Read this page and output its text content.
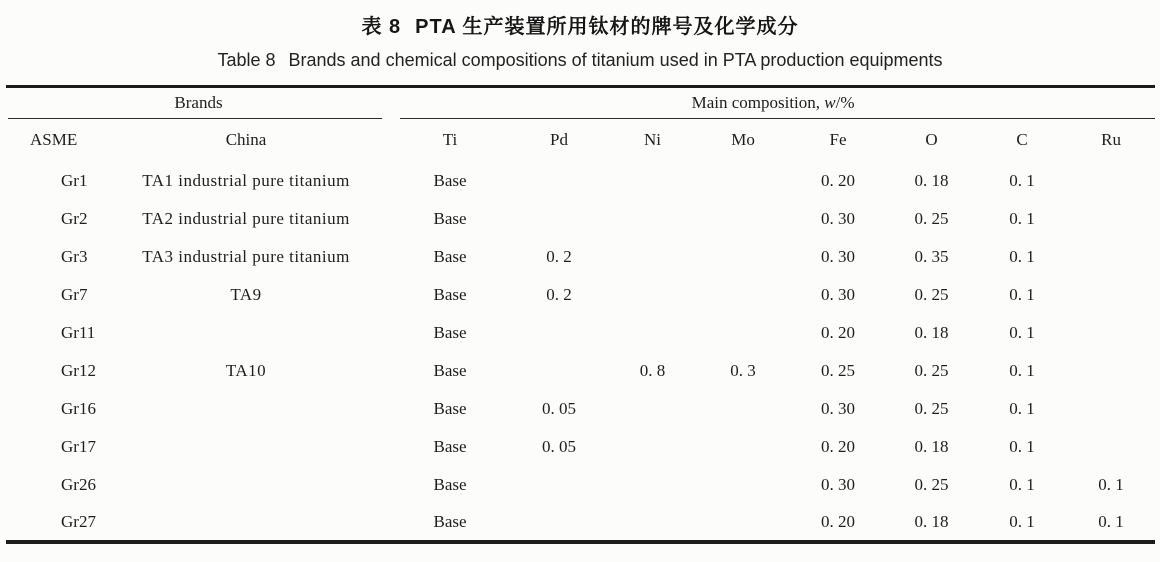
表 8 PTA 生产装置所用钛材的牌号及化学成分
Table 8 Brands and chemical compositions of titanium used in PTA production equipments
Brands		Main composition, w/%							
ASME	China	Ti	Pd	Ni	Mo	Fe	O	C	Ru
Gr1	TA1 industrial pure titanium	Base				0. 20	0. 18	0. 1	
Gr2	TA2 industrial pure titanium	Base				0. 30	0. 25	0. 1	
Gr3	TA3 industrial pure titanium	Base	0. 2			0. 30	0. 35	0. 1	
Gr7	TA9	Base	0. 2			0. 30	0. 25	0. 1	
Gr11		Base				0. 20	0. 18	0. 1	
Gr12	TA10	Base		0. 8	0. 3	0. 25	0. 25	0. 1	
Gr16		Base	0. 05			0. 30	0. 25	0. 1	
Gr17		Base	0. 05			0. 20	0. 18	0. 1	
Gr26		Base				0. 30	0. 25	0. 1	0. 1
Gr27		Base				0. 20	0. 18	0. 1	0. 1
